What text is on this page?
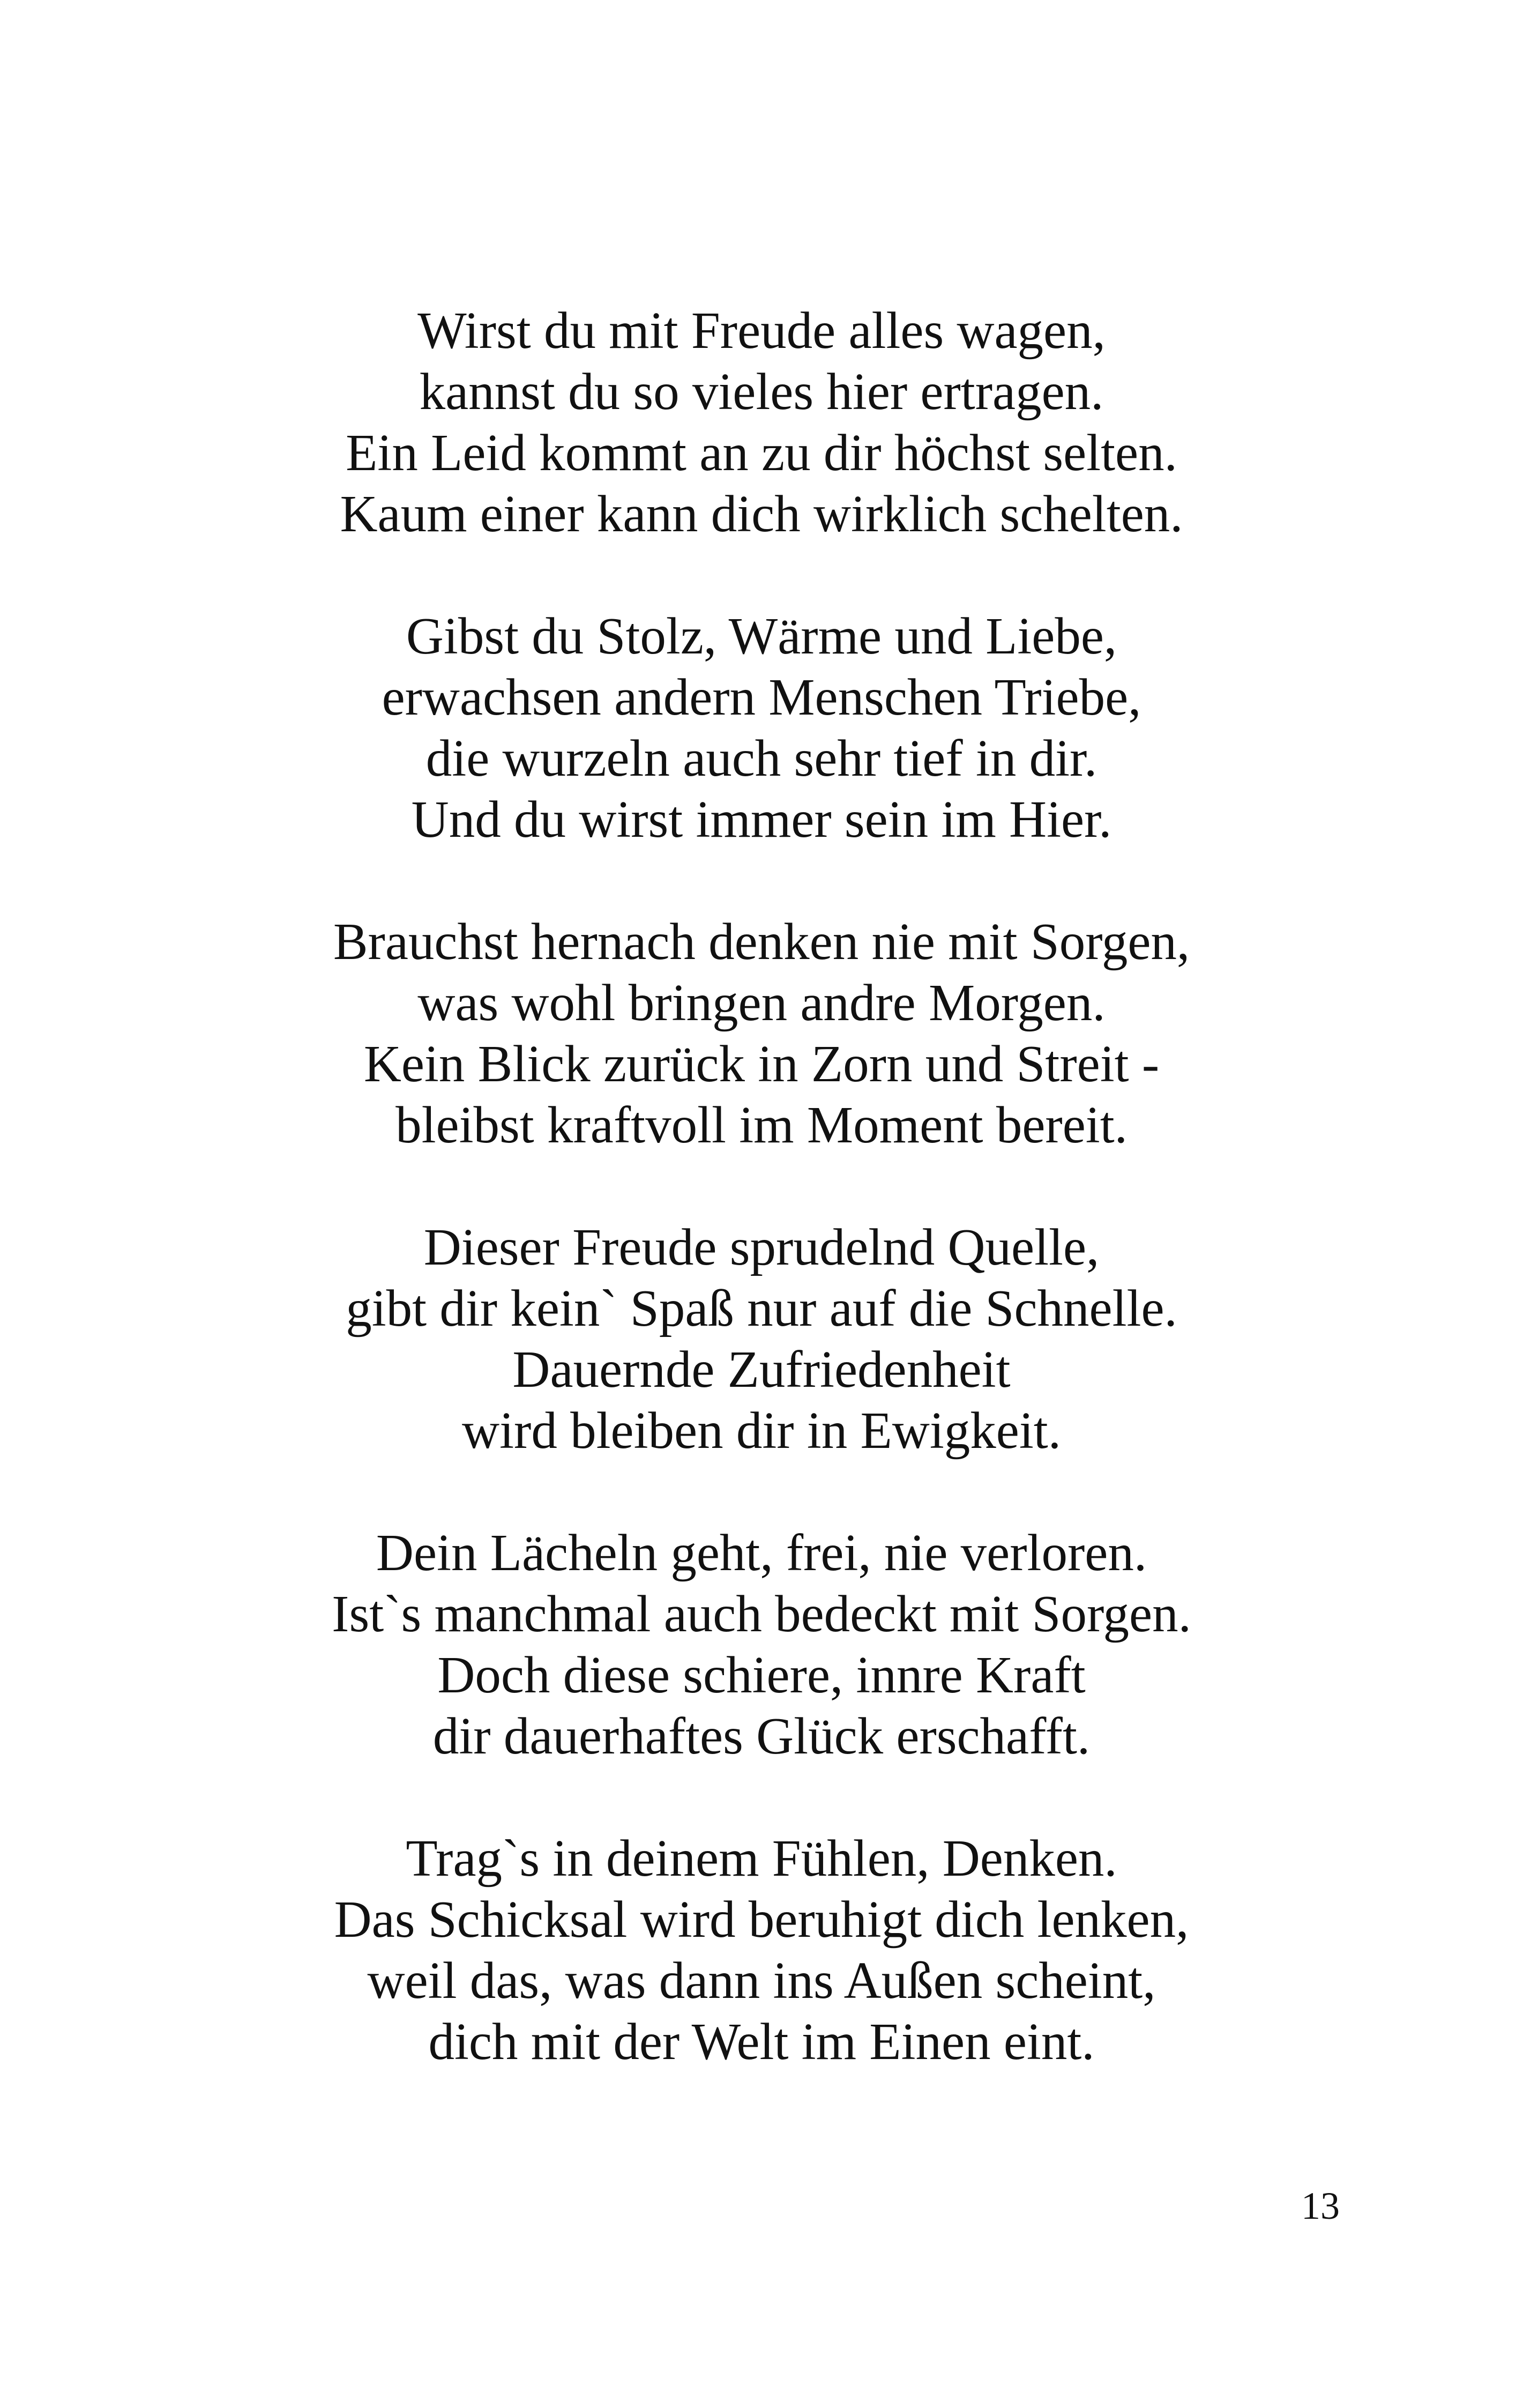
Wirst du mit Freude alles wagen,
kannst du so vieles hier ertragen.
Ein Leid kommt an zu dir höchst selten.
Kaum einer kann dich wirklich schelten.
Gibst du Stolz, Wärme und Liebe,
erwachsen andern Menschen Triebe,
die wurzeln auch sehr tief in dir.
Und du wirst immer sein im Hier.
Brauchst hernach denken nie mit Sorgen,
was wohl bringen andre Morgen.
Kein Blick zurück in Zorn und Streit -
bleibst kraftvoll im Moment bereit.
Dieser Freude sprudelnd Quelle,
gibt dir kein` Spaß nur auf die Schnelle.
Dauernde Zufriedenheit
wird bleiben dir in Ewigkeit.
Dein Lächeln geht, frei, nie verloren.
Ist`s manchmal auch bedeckt mit Sorgen.
Doch diese schiere, innre Kraft
dir dauerhaftes Glück erschafft.
Trag`s in deinem Fühlen, Denken.
Das Schicksal wird beruhigt dich lenken,
weil das, was dann ins Außen scheint,
dich mit der Welt im Einen eint.
13
